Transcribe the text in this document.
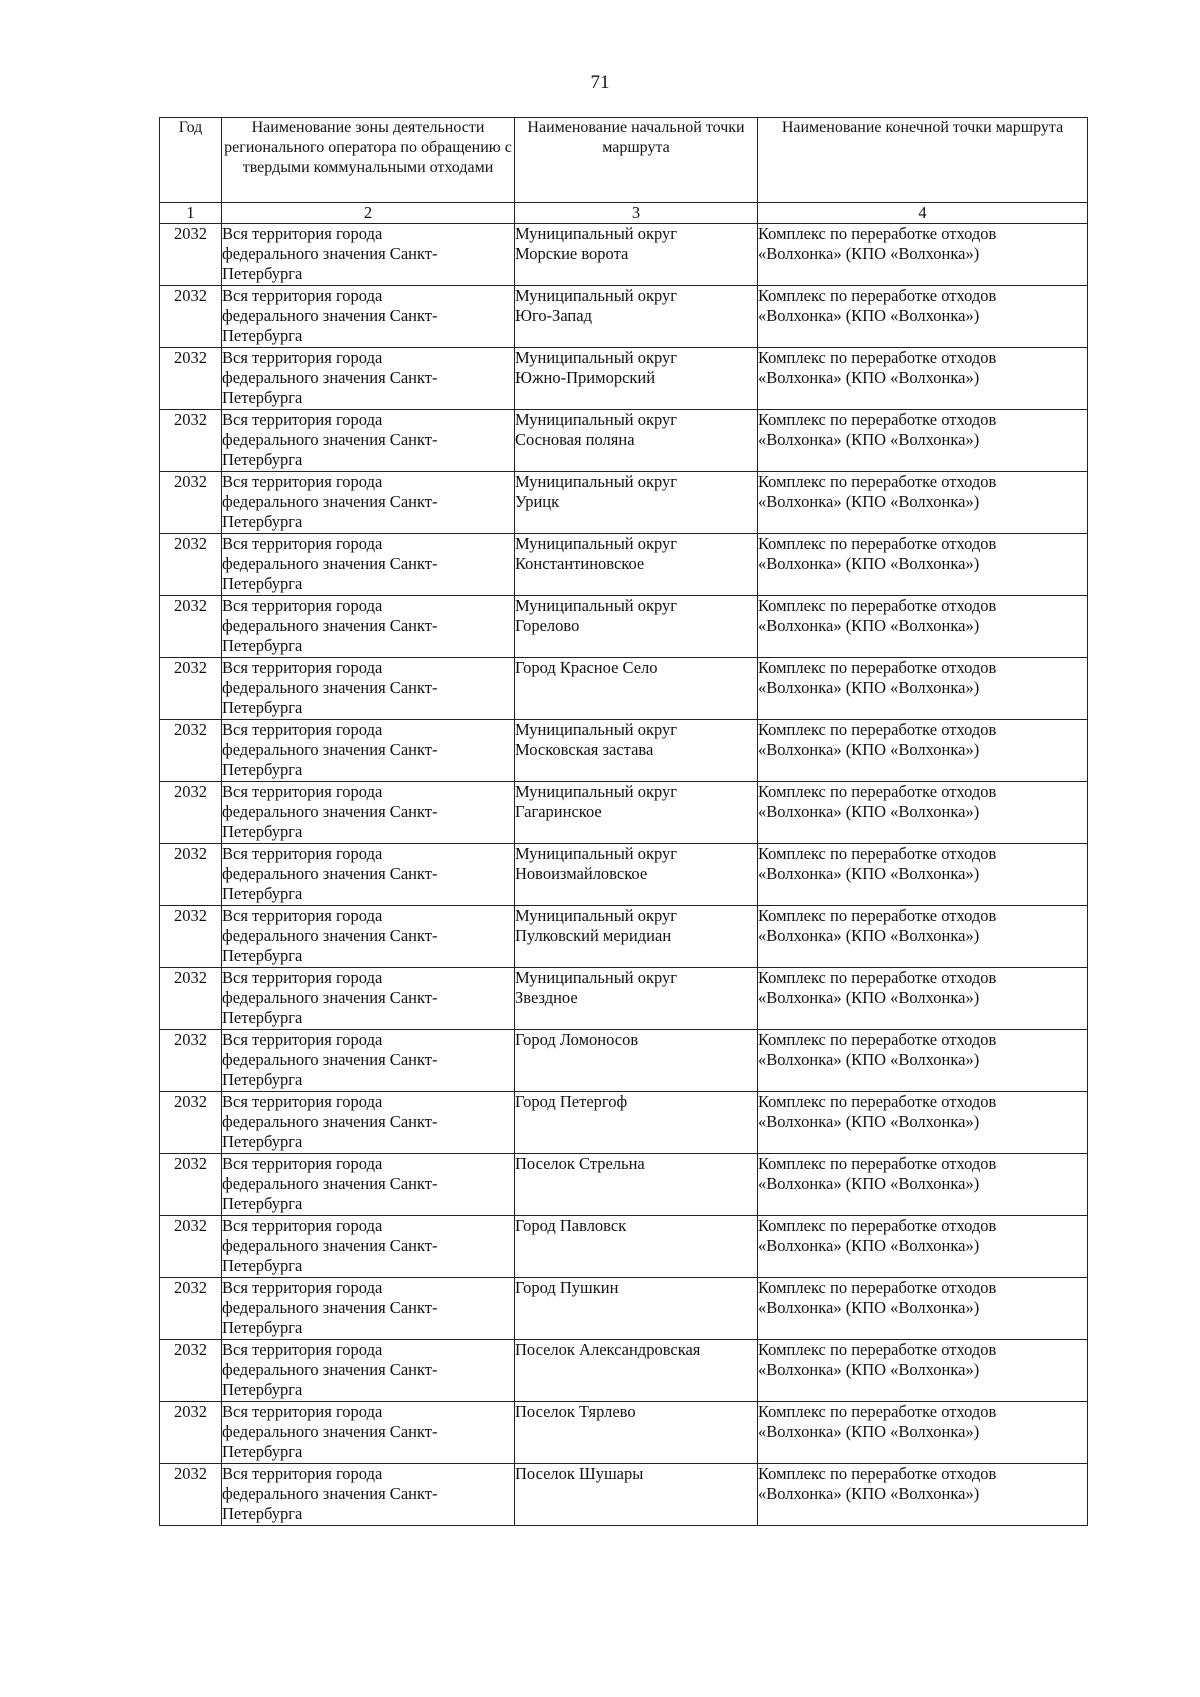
71
Год	Наименование зоны деятельности регионального оператора по обращению с твердыми коммунальными отходами	Наименование начальной точки маршрута	Наименование конечной точки маршрута
1	2	3	4
2032	Вся территория города
федерального значения Санкт-
Петербурга	Муниципальный округ
Морские ворота	Комплекс по переработке отходов
«Волхонка» (КПО «Волхонка»)

2032	Вся территория города
федерального значения Санкт-
Петербурга	Муниципальный округ
Юго-Запад	Комплекс по переработке отходов
«Волхонка» (КПО «Волхонка»)

2032	Вся территория города
федерального значения Санкт-
Петербурга	Муниципальный округ
Южно-Приморский	Комплекс по переработке отходов
«Волхонка» (КПО «Волхонка»)

2032	Вся территория города
федерального значения Санкт-
Петербурга	Муниципальный округ
Сосновая поляна	Комплекс по переработке отходов
«Волхонка» (КПО «Волхонка»)

2032	Вся территория города
федерального значения Санкт-
Петербурга	Муниципальный округ
Урицк	Комплекс по переработке отходов
«Волхонка» (КПО «Волхонка»)

2032	Вся территория города
федерального значения Санкт-
Петербурга	Муниципальный округ
Константиновское	Комплекс по переработке отходов
«Волхонка» (КПО «Волхонка»)

2032	Вся территория города
федерального значения Санкт-
Петербурга	Муниципальный округ
Горелово	Комплекс по переработке отходов
«Волхонка» (КПО «Волхонка»)

2032	Вся территория города
федерального значения Санкт-
Петербурга	Город Красное Село	Комплекс по переработке отходов
«Волхонка» (КПО «Волхонка»)

2032	Вся территория города
федерального значения Санкт-
Петербурга	Муниципальный округ
Московская застава	Комплекс по переработке отходов
«Волхонка» (КПО «Волхонка»)

2032	Вся территория города
федерального значения Санкт-
Петербурга	Муниципальный округ
Гагаринское	Комплекс по переработке отходов
«Волхонка» (КПО «Волхонка»)

2032	Вся территория города
федерального значения Санкт-
Петербурга	Муниципальный округ
Новоизмайловское	Комплекс по переработке отходов
«Волхонка» (КПО «Волхонка»)

2032	Вся территория города
федерального значения Санкт-
Петербурга	Муниципальный округ
Пулковский меридиан	Комплекс по переработке отходов
«Волхонка» (КПО «Волхонка»)

2032	Вся территория города
федерального значения Санкт-
Петербурга	Муниципальный округ
Звездное	Комплекс по переработке отходов
«Волхонка» (КПО «Волхонка»)

2032	Вся территория города
федерального значения Санкт-
Петербурга	Город Ломоносов	Комплекс по переработке отходов
«Волхонка» (КПО «Волхонка»)

2032	Вся территория города
федерального значения Санкт-
Петербурга	Город Петергоф	Комплекс по переработке отходов
«Волхонка» (КПО «Волхонка»)

2032	Вся территория города
федерального значения Санкт-
Петербурга	Поселок Стрельна	Комплекс по переработке отходов
«Волхонка» (КПО «Волхонка»)

2032	Вся территория города
федерального значения Санкт-
Петербурга	Город Павловск	Комплекс по переработке отходов
«Волхонка» (КПО «Волхонка»)

2032	Вся территория города
федерального значения Санкт-
Петербурга	Город Пушкин	Комплекс по переработке отходов
«Волхонка» (КПО «Волхонка»)

2032	Вся территория города
федерального значения Санкт-
Петербурга	Поселок Александровская	Комплекс по переработке отходов
«Волхонка» (КПО «Волхонка»)

2032	Вся территория города
федерального значения Санкт-
Петербурга	Поселок Тярлево	Комплекс по переработке отходов
«Волхонка» (КПО «Волхонка»)

2032	Вся территория города
федерального значения Санкт-
Петербурга	Поселок Шушары	Комплекс по переработке отходов
«Волхонка» (КПО «Волхонка»)
